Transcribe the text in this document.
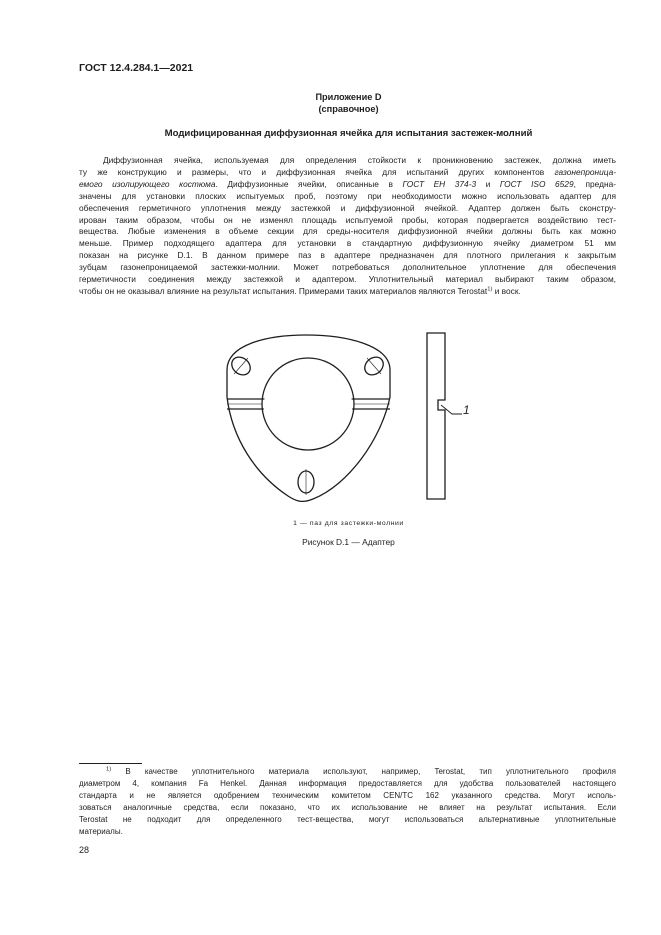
ГОСТ 12.4.284.1—2021
Приложение D
(справочное)
Модифицированная диффузионная ячейка для испытания застежек-молний
Диффузионная ячейка, используемая для определения стойкости к проникновению застежек, должна иметь
ту же конструкцию и размеры, что и диффузионная ячейка для испытаний других компонентов газонепроница-
емого изолирующего костюма. Диффузионные ячейки, описанные в ГОСТ ЕН 374-3 и ГОСТ ISO 6529, предна-
значены для установки плоских испытуемых проб, поэтому при необходимости можно использовать адаптер для
обеспечения герметичного уплотнения между застежкой и диффузионной ячейкой. Адаптер должен быть сконстру-
ирован таким образом, чтобы он не изменял площадь испытуемой пробы, которая подвергается воздействию тест-
вещества. Любые изменения в объеме секции для среды-носителя диффузионной ячейки должны быть как можно
меньше. Пример подходящего адаптера для установки в стандартную диффузионную ячейку диаметром 51 мм
показан на рисунке D.1. В данном примере паз в адаптере предназначен для плотного прилегания к закрытым
зубцам газонепроницаемой застежки-молнии. Может потребоваться дополнительное уплотнение для обеспечения
герметичности соединения между застежкой и адаптером. Уплотнительный материал выбирают таким образом,
чтобы он не оказывал влияние на результат испытания. Примерами таких материалов являются Terostat$^{1)}$ и воск.
1
1 — паз для застежки-молнии
Рисунок D.1 — Адаптер
$^{1)}$ В качестве уплотнительного материала используют, например, Terostat, тип уплотнительного профиля
диаметром 4, компания Fa Henkel. Данная информация предоставляется для удобства пользователей настоящего
стандарта и не является одобрением техническим комитетом CEN/TC 162 указанного средства. Могут исполь-
зоваться аналогичные средства, если показано, что их использование не влияет на результат испытания. Если
Terostat не подходит для определенного тест-вещества, могут использоваться альтернативные уплотнительные
материалы.
28
